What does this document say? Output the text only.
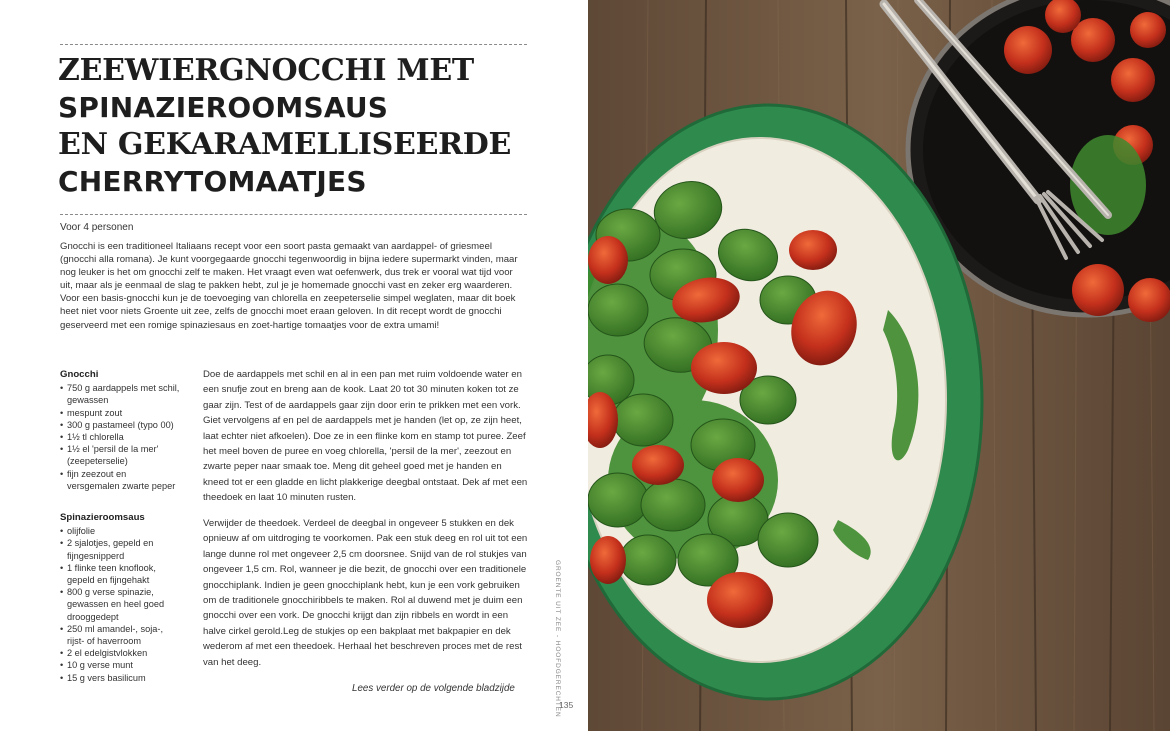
ZEEWIERGNOCCHI MET
SPINAZIEROOMSAUS
EN GEKARAMELLISEERDE
CHERRYTOMAATJES
Voor 4 personen

Gnocchi is een traditioneel Italiaans recept voor een soort pasta gemaakt van aardappel- of griesmeel (gnocchi alla romana). Je kunt voorgegaarde gnocchi tegenwoordig in bijna iedere supermarkt vinden, maar nog leuker is het om gnocchi zelf te maken. Het vraagt even wat oefenwerk, dus trek er vooral wat tijd voor uit, maar als je eenmaal de slag te pakken hebt, zul je je homemade gnocchi vast en zeker erg waarderen. Voor een basis-gnocchi kun je de toevoeging van chlorella en zeepeterselie simpel weglaten, maar dit boek heet niet voor niets Groente uit zee, zelfs de gnocchi moet eraan geloven. In dit recept wordt de gnocchi geserveerd met een romige spinaziesaus en zoet-hartige tomaatjes voor de extra umami!

Gnocchi
• 750 g aardappels met schil, gewassen
• mespunt zout
• 300 g pastameel (typo 00)
• 1½ tl chlorella
• 1½ el 'persil de la mer' (zeepeterselie)
• fijn zeezout en versgemalen zwarte peper
Spinazieroomsaus
• olijfolie
• 2 sjalotjes, gepeld en fijngesnipperd
• 1 flinke teen knoflook, gepeld en fijngehakt
• 800 g verse spinazie, gewassen en heel goed drooggedept
• 250 ml amandel-, soja-, rijst- of haverroom
• 2 el edelgistvlokken
• 10 g verse munt
• 15 g vers basilicum

Doe de aardappels met schil en al in een pan met ruim voldoende water en een snufje zout en breng aan de kook. Laat 20 tot 30 minuten koken tot ze gaar zijn. Test of de aardappels gaar zijn door erin te prikken met een vork. Giet vervolgens af en pel de aardappels met je handen (let op, ze zijn heet, laat echter niet afkoelen). Doe ze in een flinke kom en stamp tot puree. Zeef het meel boven de puree en voeg chlorella, 'persil de la mer', zeezout en zwarte peper naar smaak toe. Meng dit geheel goed met je handen en kneed tot er een gladde en licht plakkerige deegbal ontstaat. Dek af met een theedoek en laat 10 minuten rusten.

Verwijder de theedoek. Verdeel de deegbal in ongeveer 5 stukken en dek opnieuw af om uitdroging te voorkomen. Pak een stuk deeg en rol uit tot een lange dunne rol met ongeveer 2,5 cm doorsnee. Snijd van de rol stukjes van ongeveer 1,5 cm. Rol, wanneer je die bezit, de gnocchi over een traditionele gnocchiplank. Indien je geen gnocchiplank hebt, kun je een vork gebruiken om de traditionele gnocchiribbels te maken. Rol al duwend met je duim een gnocchi over een vork. De gnocchi krijgt dan zijn ribbels en wordt in een halve cirkel gerold.Leg de stukjes op een bakplaat met bakpapier en dek wederom af met een theedoek. Herhaal het beschreven proces met de rest van het deeg.

Lees verder op de volgende bladzijde	GROENTE UIT ZEE - HOOFDGERECHTEN
135
